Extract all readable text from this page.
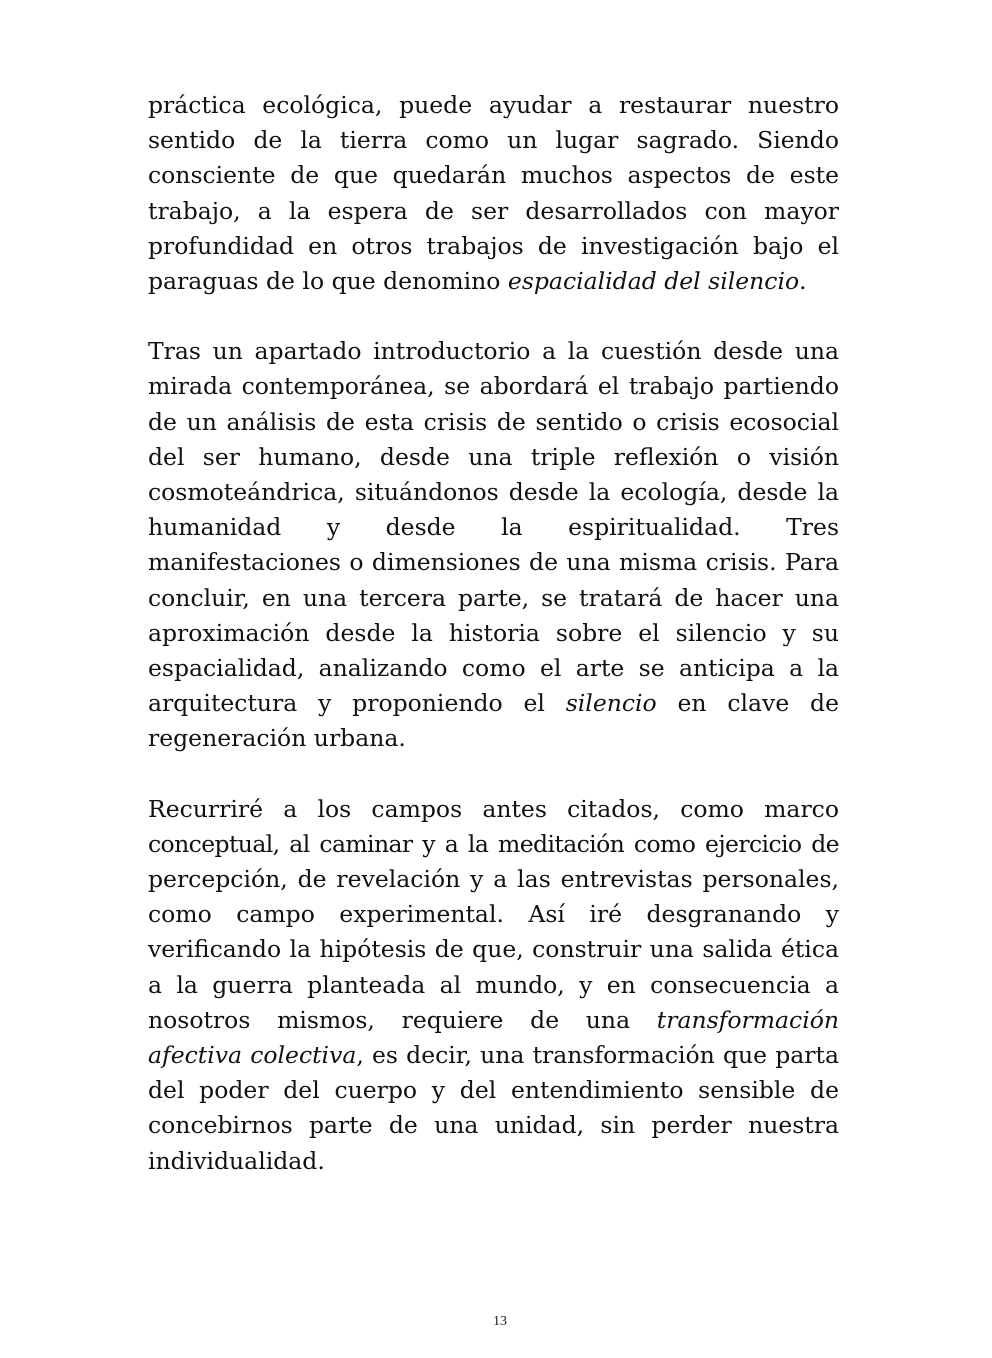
práctica ecológica, puede ayudar a restaurar nuestro sentido de la tierra como un lugar sagrado. Siendo consciente de que quedarán muchos aspectos de este trabajo, a la espera de ser desarrollados con mayor profundidad en otros trabajos de investigación bajo el paraguas de lo que denomino espacialidad del silencio.

Tras un apartado introductorio a la cuestión desde una mirada contemporánea, se abordará el trabajo partiendo de un análisis de esta crisis de sentido o crisis ecosocial del ser humano, desde una triple reflexión o visión cosmoteándrica, situándonos desde la ecología, desde la humanidad y desde la espiritualidad. Tres manifestaciones o dimensiones de una misma crisis. Para concluir, en una tercera parte, se tratará de hacer una aproximación desde la historia sobre el silencio y su espacialidad, analizando como el arte se anticipa a la arquitectura y proponiendo el silencio en clave de regeneración urbana.

Recurriré a los campos antes citados, como marco conceptual, al caminar y a la meditación como ejercicio de percepción, de revelación y a las entrevistas personales, como campo experimental. Así iré desgranando y verificando la hipótesis de que, construir una salida ética a la guerra planteada al mundo, y en consecuencia a nosotros mismos, requiere de una transformación afectiva colectiva, es decir, una transformación que parta del poder del cuerpo y del entendimiento sensible de concebirnos parte de una unidad, sin perder nuestra individualidad.

13
